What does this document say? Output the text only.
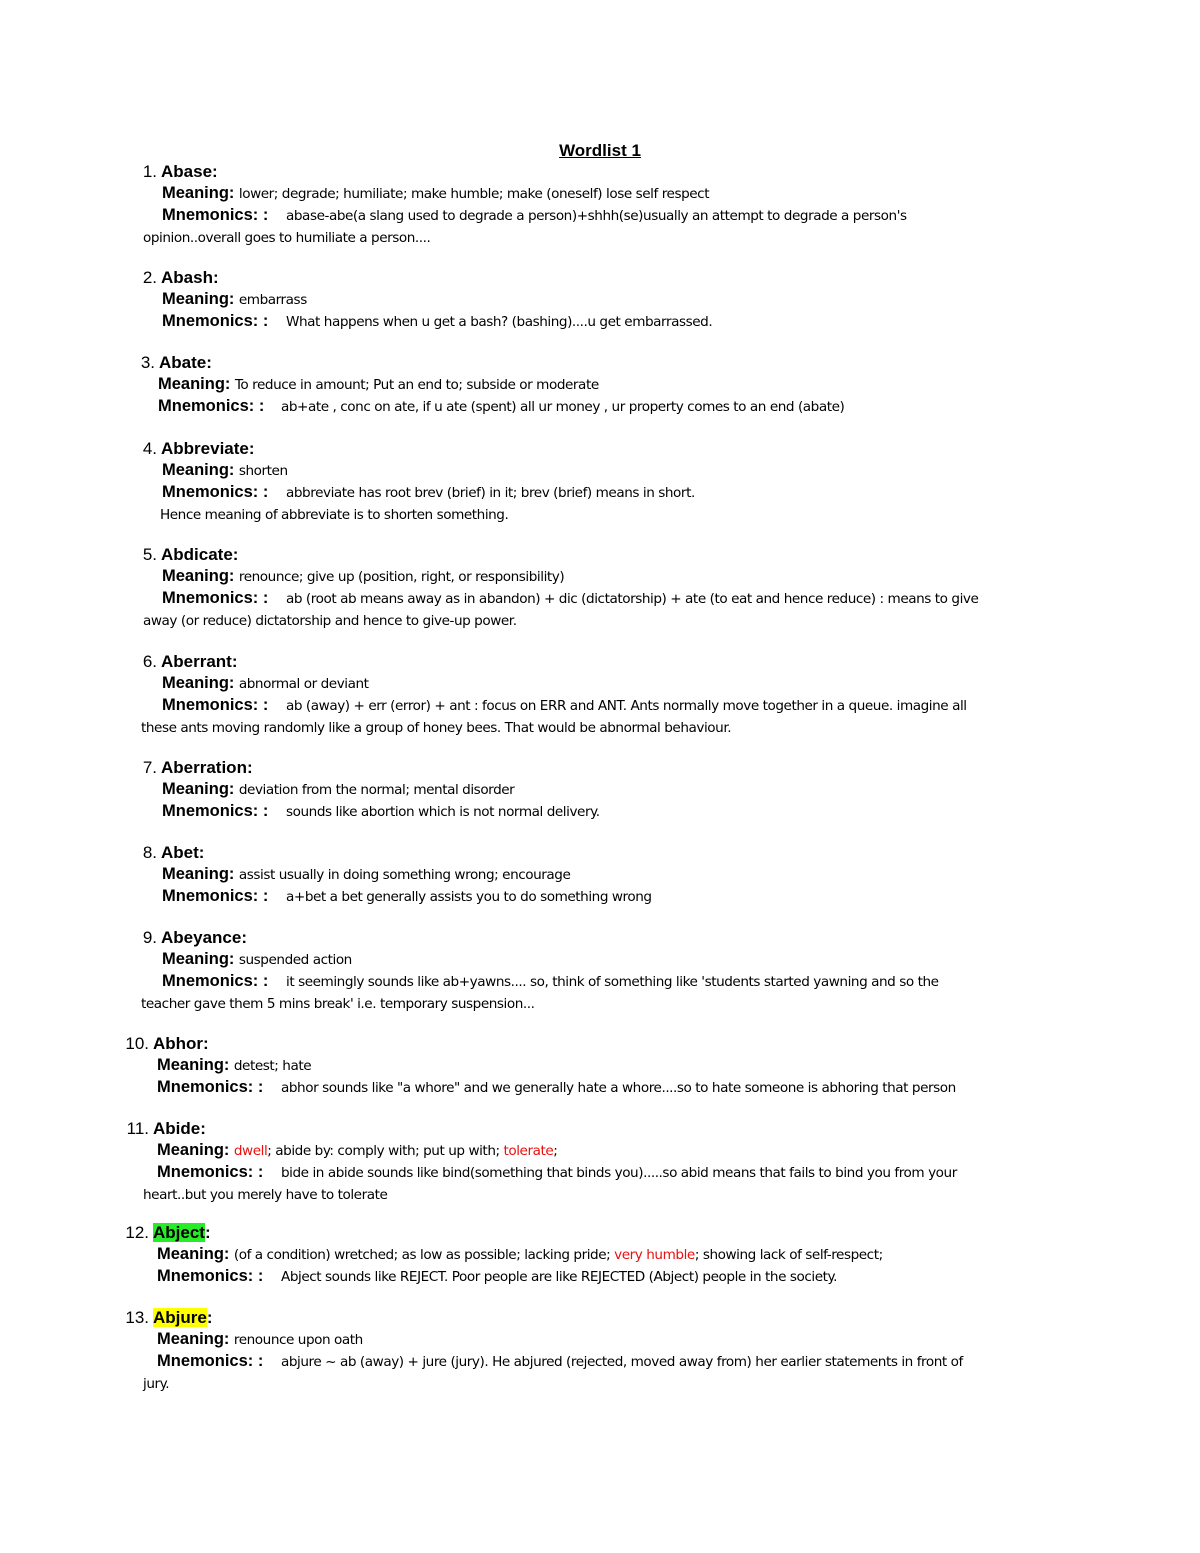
Wordlist 1
1. Abase:
Meaning: lower; degrade; humiliate; make humble; make (oneself) lose self respect
Mnemonics: : abase-abe(a slang used to degrade a person)+shhh(se)usually an attempt to degrade a person's
opinion..overall goes to humiliate a person....
2. Abash:
Meaning: embarrass
Mnemonics: : What happens when u get a bash? (bashing)....u get embarrassed.
3. Abate:
Meaning: To reduce in amount; Put an end to; subside or moderate
Mnemonics: : ab+ate , conc on ate, if u ate (spent) all ur money , ur property comes to an end (abate)
4. Abbreviate:
Meaning: shorten
Mnemonics: : abbreviate has root brev (brief) in it; brev (brief) means in short.
Hence meaning of abbreviate is to shorten something.
5. Abdicate:
Meaning: renounce; give up (position, right, or responsibility)
Mnemonics: : ab (root ab means away as in abandon) + dic (dictatorship) + ate (to eat and hence reduce) : means to give
away (or reduce) dictatorship and hence to give-up power.
6. Aberrant:
Meaning: abnormal or deviant
Mnemonics: : ab (away) + err (error) + ant : focus on ERR and ANT. Ants normally move together in a queue. imagine all
these ants moving randomly like a group of honey bees. That would be abnormal behaviour.
7. Aberration:
Meaning: deviation from the normal; mental disorder
Mnemonics: : sounds like abortion which is not normal delivery.
8. Abet:
Meaning: assist usually in doing something wrong; encourage
Mnemonics: : a+bet a bet generally assists you to do something wrong
9. Abeyance:
Meaning: suspended action
Mnemonics: : it seemingly sounds like ab+yawns.... so, think of something like 'students started yawning and so the
teacher gave them 5 mins break' i.e. temporary suspension...
10. Abhor:
Meaning: detest; hate
Mnemonics: : abhor sounds like "a whore" and we generally hate a whore....so to hate someone is abhoring that person
11. Abide:
Meaning: dwell; abide by: comply with; put up with; tolerate;
Mnemonics: : bide in abide sounds like bind(something that binds you).....so abid means that fails to bind you from your
heart..but you merely have to tolerate
12. Abject:
Meaning: (of a condition) wretched; as low as possible; lacking pride; very humble; showing lack of self-respect;
Mnemonics: : Abject sounds like REJECT. Poor people are like REJECTED (Abject) people in the society.
13. Abjure:
Meaning: renounce upon oath
Mnemonics: : abjure ~ ab (away) + jure (jury). He abjured (rejected, moved away from) her earlier statements in front of
jury.
